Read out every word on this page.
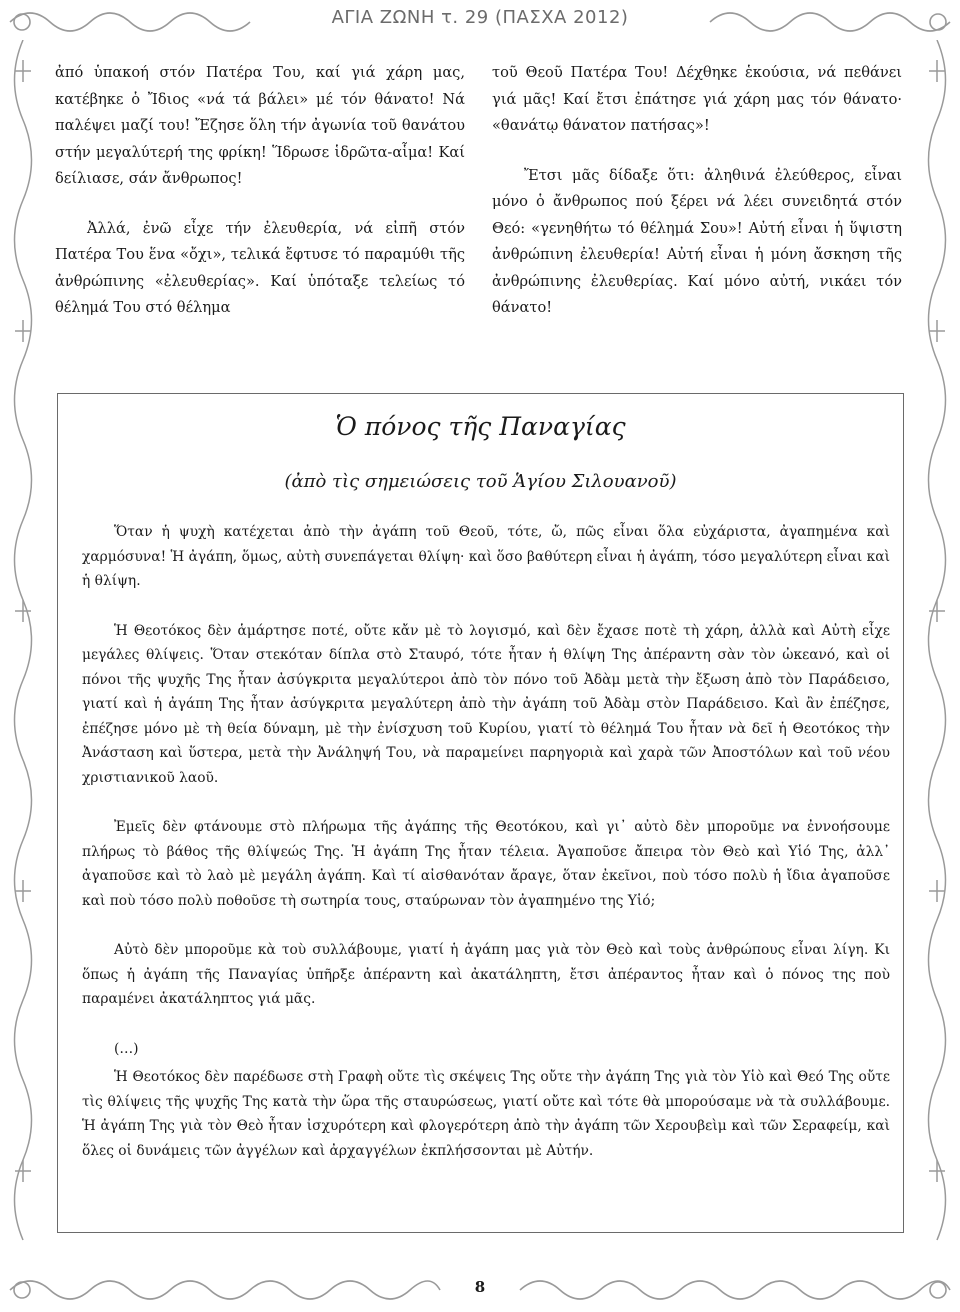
ΑΓΙΑ ΖΩΝΗ τ. 29 (ΠΑΣΧΑ 2012)

ἀπό ὑπακοή στόν Πατέρα Του, καί γιά χάρη μας, κατέβηκε ὁ Ἴδιος «νά τά βάλει» μέ τόν θάνατο! Νά παλέψει μαζί του! Ἔζησε ὅλη τήν ἀγωνία τοῦ θανάτου στήν μεγαλύτερή της φρίκη! Ἵδρωσε ἱδρῶτα-αἷμα! Καί δείλιασε, σάν ἄνθρωπος!

Ἀλλά, ἐνῶ εἶχε τήν ἐλευθερία, νά εἰπῆ στόν Πατέρα Του ἕνα «ὄχι», τελικά ἔφτυσε τό παραμύθι τῆς ἀνθρώπινης «ἐλευθερίας». Καί ὑπόταξε τελείως τό θέλημά Του στό θέλημα

τοῦ Θεοῦ Πατέρα Του! Δέχθηκε ἑκούσια, νά πεθάνει γιά μᾶς! Καί ἔτσι ἐπάτησε γιά χάρη μας τόν θάνατο· «θανάτῳ θάνατον πατήσας»!

Ἔτσι μᾶς δίδαξε ὅτι: ἀληθινά ἐλεύθερος, εἶναι μόνο ὁ ἄνθρωπος πού ξέρει νά λέει συνειδητά στόν Θεό: «γενηθήτω τό θέλημά Σου»! Αὐτή εἶναι ἡ ὕψιστη ἀνθρώπινη ἐλευθερία! Αὐτή εἶναι ἡ μόνη ἄσκηση τῆς ἀνθρώπινης ἐλευθερίας. Καί μόνο αὐτή, νικάει τόν θάνατο!

Ὁ πόνος τῆς Παναγίας
(ἀπὸ τὶς σημειώσεις τοῦ Ἁγίου Σιλουανοῦ)

Ὅταν ἡ ψυχὴ κατέχεται ἀπὸ τὴν ἀγάπη τοῦ Θεοῦ, τότε, ὤ, πῶς εἶναι ὅλα εὐχάριστα, ἀγαπημένα καὶ χαρμόσυνα! Ἡ ἀγάπη, ὅμως, αὐτὴ συνεπάγεται θλίψη· καὶ ὅσο βαθύτερη εἶναι ἡ ἀγάπη, τόσο μεγαλύτερη εἶναι καὶ ἡ θλίψη.

Ἡ Θεοτόκος δὲν ἁμάρτησε ποτέ, οὔτε κἄν μὲ τὸ λογισμό, καὶ δὲν ἔχασε ποτὲ τὴ χάρη, ἀλλὰ καὶ Αὐτὴ εἶχε μεγάλες θλίψεις. Ὅταν στεκόταν δίπλα στὸ Σταυρό, τότε ἦταν ἡ θλίψη Της ἀπέραντη σὰν τὸν ὠκεανό, καὶ οἱ πόνοι τῆς ψυχῆς Της ἦταν ἀσύγκριτα μεγαλύτεροι ἀπὸ τὸν πόνο τοῦ Ἀδὰμ μετὰ τὴν ἔξωση ἀπὸ τὸν Παράδεισο, γιατί καὶ ἡ ἀγάπη Της ἦταν ἀσύγκριτα μεγαλύτερη ἀπὸ τὴν ἀγάπη τοῦ Ἀδὰμ στὸν Παράδεισο. Καὶ ἂν ἐπέζησε, ἐπέζησε μόνο μὲ τὴ θεία δύναμη, μὲ τὴν ἐνίσχυση τοῦ Κυρίου, γιατί τὸ θέλημά Του ἦταν νὰ δεῖ ἡ Θεοτόκος τὴν Ἀνάσταση καὶ ὕστερα, μετὰ τὴν Ἀνάληψή Του, νὰ παραμείνει παρηγοριὰ καὶ χαρὰ τῶν Ἀποστόλων καὶ τοῦ νέου χριστιανικοῦ λαοῦ.

Ἐμεῖς δὲν φτάνουμε στὸ πλήρωμα τῆς ἀγάπης τῆς Θεοτόκου, καὶ γι᾿ αὐτὸ δὲν μποροῦμε να ἐννοήσουμε πλήρως τὸ βάθος τῆς θλίψεώς Της. Ἡ ἀγάπη Της ἦταν τέλεια. Ἀγαποῦσε ἄπειρα τὸν Θεὸ καὶ Υἱό Της, ἀλλ᾿ ἀγαποῦσε καὶ τὸ λαὸ μὲ μεγάλη ἀγάπη. Καὶ τί αἰσθανόταν ἄραγε, ὅταν ἐκεῖνοι, ποὺ τόσο πολὺ ἡ ἴδια ἀγαποῦσε καὶ ποὺ τόσο πολὺ ποθοῦσε τὴ σωτηρία τους, σταύρωναν τὸν ἀγαπημένο της Υἱό;

Αὐτὸ δὲν μποροῦμε κὰ τοὺ συλλάβουμε, γιατί ἡ ἀγάπη μας γιὰ τὸν Θεὸ καὶ τοὺς ἀνθρώπους εἶναι λίγη. Κι ὅπως ἡ ἀγάπη τῆς Παναγίας ὑπῆρξε ἀπέραντη καὶ ἀκατάληπτη, ἔτσι ἀπέραντος ἦταν καὶ ὁ πόνος της ποὺ παραμένει ἀκατάληπτος γιά μᾶς.

(…)

Ἡ Θεοτόκος δὲν παρέδωσε στὴ Γραφὴ οὔτε τὶς σκέψεις Της οὔτε τὴν ἀγάπη Της γιὰ τὸν Υἱὸ καὶ Θεό Της οὔτε τὶς θλίψεις τῆς ψυχῆς Της κατὰ τὴν ὥρα τῆς σταυρώσεως, γιατί οὔτε καὶ τότε θὰ μπορούσαμε νὰ τὰ συλλάβουμε. Ἡ ἀγάπη Της γιὰ τὸν Θεὸ ἦταν ἰσχυρότερη καὶ φλογερότερη ἀπὸ τὴν ἀγάπη τῶν Χερουβεὶμ καὶ τῶν Σεραφείμ, καὶ ὅλες οἱ δυνάμεις τῶν ἀγγέλων καὶ ἀρχαγγέλων ἐκπλήσσονται μὲ Αὐτήν.

8
